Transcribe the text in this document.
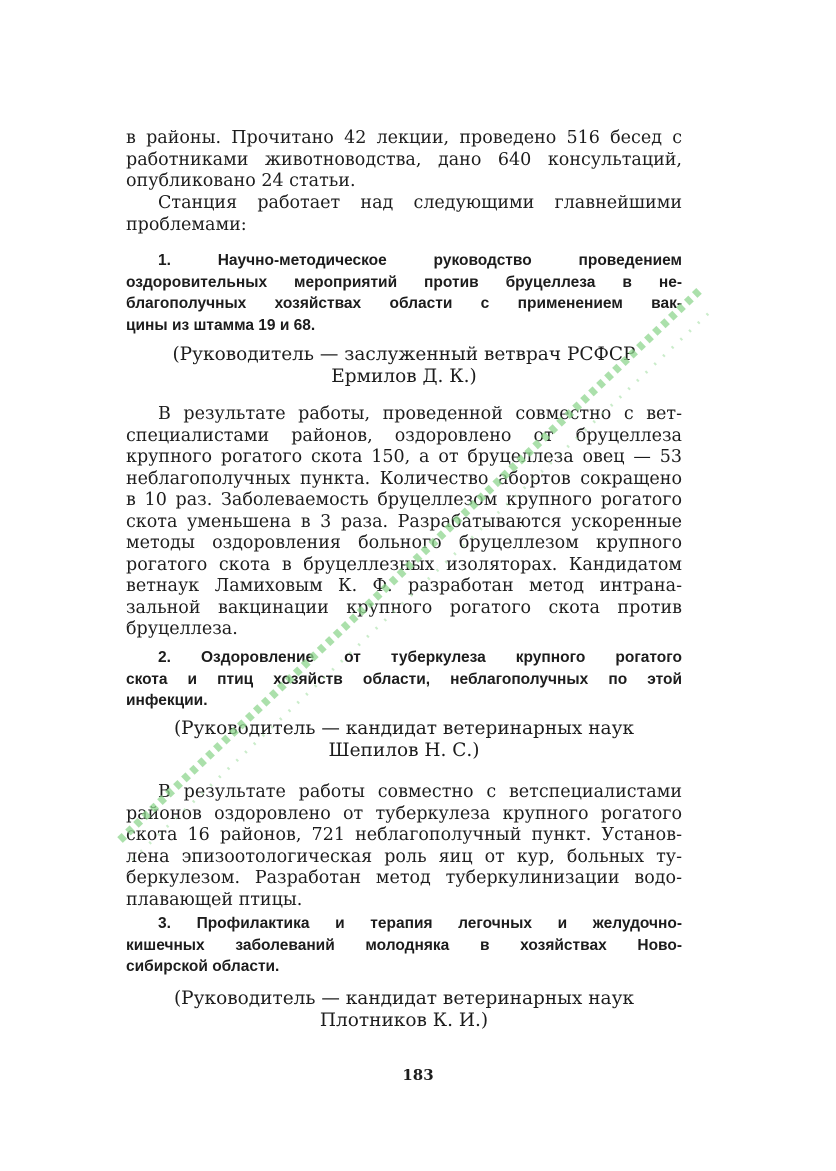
в районы. Прочитано 42 лекции, проведено 516 бесед с
работниками животноводства, дано 640 консультаций,
опубликовано 24 статьи.
Станция работает над следующими главнейшими
проблемами:
1. Научно-методическое руководство проведением
оздоровительных мероприятий против бруцеллеза в не-
благополучных хозяйствах области с применением вак-
цины из штамма 19 и 68.
(Руководитель — заслуженный ветврач РСФСР
Ермилов Д. К.)
В результате работы, проведенной совместно с вет-
специалистами районов, оздоровлено от бруцеллеза
крупного рогатого скота 150, а от бруцеллеза овец — 53
неблагополучных пункта. Количество абортов сокращено
в 10 раз. Заболеваемость бруцеллезом крупного рогатого
скота уменьшена в 3 раза. Разрабатываются ускоренные
методы оздоровления больного бруцеллезом крупного
рогатого скота в бруцеллезных изоляторах. Кандидатом
ветнаук Ламиховым К. Ф. разработан метод интрана-
зальной вакцинации крупного рогатого скота против
бруцеллеза.
2. Оздоровление от туберкулеза крупного рогатого
скота и птиц хозяйств области, неблагополучных по этой
инфекции.
(Руководитель — кандидат ветеринарных наук
Шепилов Н. С.)
В результате работы совместно с ветспециалистами
районов оздоровлено от туберкулеза крупного рогатого
скота 16 районов, 721 неблагополучный пункт. Установ-
лена эпизоотологическая роль яиц от кур, больных ту-
беркулезом. Разработан метод туберкулинизации водо-
плавающей птицы.
3. Профилактика и терапия легочных и желудочно-
кишечных заболеваний молодняка в хозяйствах Ново-
сибирской области.
(Руководитель — кандидат ветеринарных наук
Плотников К. И.)
183
